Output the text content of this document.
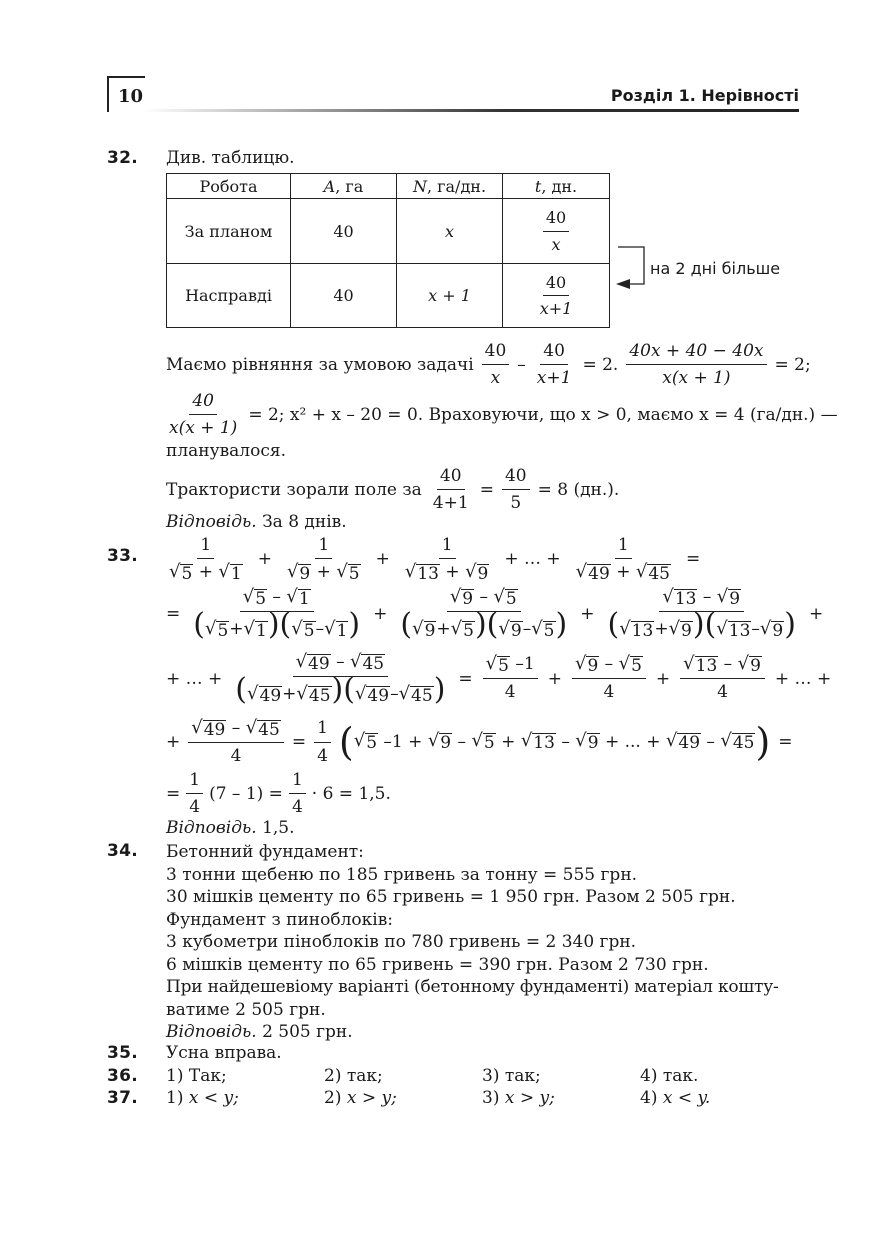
10	Розділ 1. Нерівності
32. Див. таблицю.
Робота	A, га	N, га/дн.	t, дн.
За планом	40	x	$\frac{40}{x}$

Насправді	40	x + 1	$\frac{40}{x+1}$
на 2 дні більше
Маємо рівняння за умовою задачі $\frac{40}{x} - \frac{40}{x+1} = 2$. $\frac{40x + 40 - 40x}{x(x + 1)} = 2$;
$\frac{40}{x(x + 1)} = 2$; x² + x – 20 = 0. Враховуючи, що x > 0, маємо x = 4 (га/дн.) —
планувалося.
Трактористи зорали поле за $\frac{40}{4+1} = \frac{40}{5} = 8$ (дн.).
Відповідь. За 8 днів.
33.
1
√ 5 + √ 1
+ $\frac{1}{√ 9 + √ 5} + \frac{1}{√ 13 + √ 9}$ + … + $\frac{1}{√ 49 + √ 45}$ =
= $\frac{√ 5 - √ 1}{( √ 5 + √ 1 )( √ 5 - √ 1 )} + \frac{√ 9 - √ 5}{( √ 9 + √ 5 )( √ 9 - √ 5 )} + \frac{√ 13 - √ 9}{( √ 13 + √ 9 )( √ 13 - √ 9 )}$ +
+ … + $\frac{√ 49 - √ 45}{( √ 49 + √ 45 )( √ 49 - √ 45 )} = \frac{√ 5 -1}{4} + \frac{√ 9 - √ 5}{4} + \frac{√ 13 - √ 9}{4}$ + … +
+ $\frac{√ 49 - √ 45}{4} = \frac{1}{4}$ ( √ 5 –1 + √ 9 – √ 5 + √ 13 – √ 9 + ... + √ 49 – √ 45 ) =
= $\frac{1}{4} (7 - 1) = \frac{1}{4} \cdot 6 = 1,5$.
Відповідь. 1,5.
34. Бетонний фундамент:
3 тонни щебеню по 185 гривень за тонну = 555 грн.
30 мішків цементу по 65 гривень = 1 950 грн. Разом 2 505 грн.
Фундамент з пиноблоків:
3 кубометри піноблоків по 780 гривень = 2 340 грн.
6 мішків цементу по 65 гривень = 390 грн. Разом 2 730 грн.
При найдешевіому варіанті (бетонному фундаменті) матеріал кошту-
ватиме 2 505 грн.
Відповідь. 2 505 грн.
35. Усна вправа.
36. 1) Так;	2) так;	3) так;	4) так.
37. 1) x < y;	2) x > y;	3) x > y;	4) x < y.
